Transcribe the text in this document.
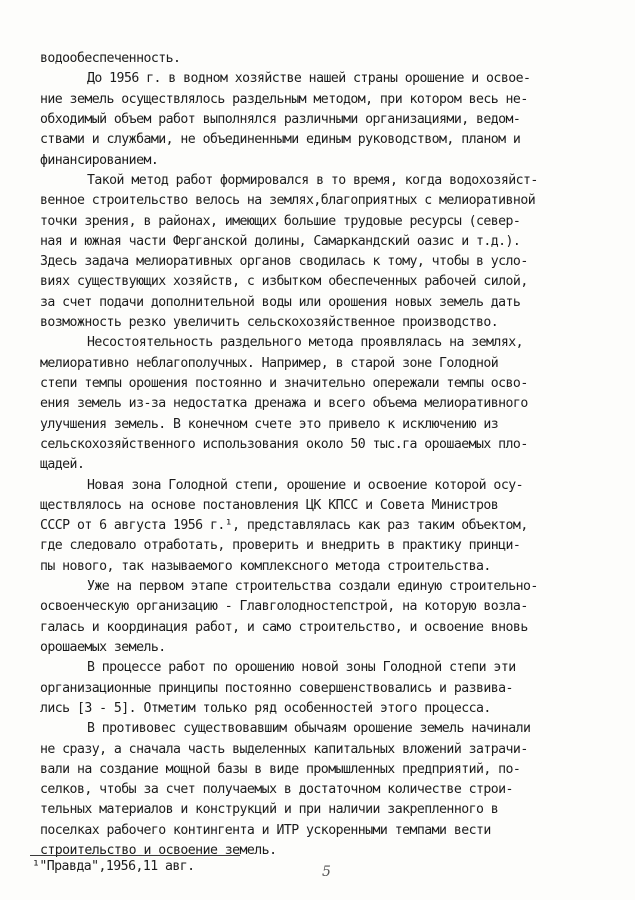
водообеспеченность.
До 1956 г. в водном хозяйстве нашей страны орошение и освое-
ние земель осуществлялось раздельным методом, при котором весь не-
обходимый объем работ выполнялся различными организациями, ведом-
ствами и службами, не объединенными единым руководством, планом и
финансированием.
Такой метод работ формировался в то время, когда водохозяйст-
венное строительство велось на землях,благоприятных с мелиоративной
точки зрения, в районах, имеющих большие трудовые ресурсы (север-
ная и южная части Ферганской долины, Самаркандский оазис и т.д.).
Здесь задача мелиоративных органов сводилась к тому, чтобы в усло-
виях существующих хозяйств, с избытком обеспеченных рабочей силой,
за счет подачи дополнительной воды или орошения новых земель дать
возможность резко увеличить сельскохозяйственное производство.
Несостоятельность раздельного метода проявлялась на землях,
мелиоративно неблагополучных. Например, в старой зоне Голодной
степи темпы орошения постоянно и значительно опережали темпы осво-
ения земель из-за недостатка дренажа и всего объема мелиоративного
улучшения земель. В конечном счете это привело к исключению из
сельскохозяйственного использования около 50 тыс.га орошаемых пло-
щадей.
Новая зона Голодной степи, орошение и освоение которой осу-
ществлялось на основе постановления ЦК КПСС и Совета Министров
СССР от 6 августа 1956 г.¹, представлялась как раз таким объектом,
где следовало отработать, проверить и внедрить в практику принци-
пы нового, так называемого комплексного метода строительства.
Уже на первом этапе строительства создали единую строительно-
освоенческую организацию - Главголодностепстрой, на которую возла-
галась и координация работ, и само строительство, и освоение вновь
орошаемых земель.
В процессе работ по орошению новой зоны Голодной степи эти
организационные принципы постоянно совершенствовались и развива-
лись [3 - 5]. Отметим только ряд особенностей этого процесса.
В противовес существовавшим обычаям орошение земель начинали
не сразу, а сначала часть выделенных капитальных вложений затрачи-
вали на создание мощной базы в виде промышленных предприятий, по-
селков, чтобы за счет получаемых в достаточном количестве строи-
тельных материалов и конструкций и при наличии закрепленного в
поселках рабочего контингента и ИТР ускоренными темпами вести
строительство и освоение земель.
¹"Правда",1956,11 авг.	5
